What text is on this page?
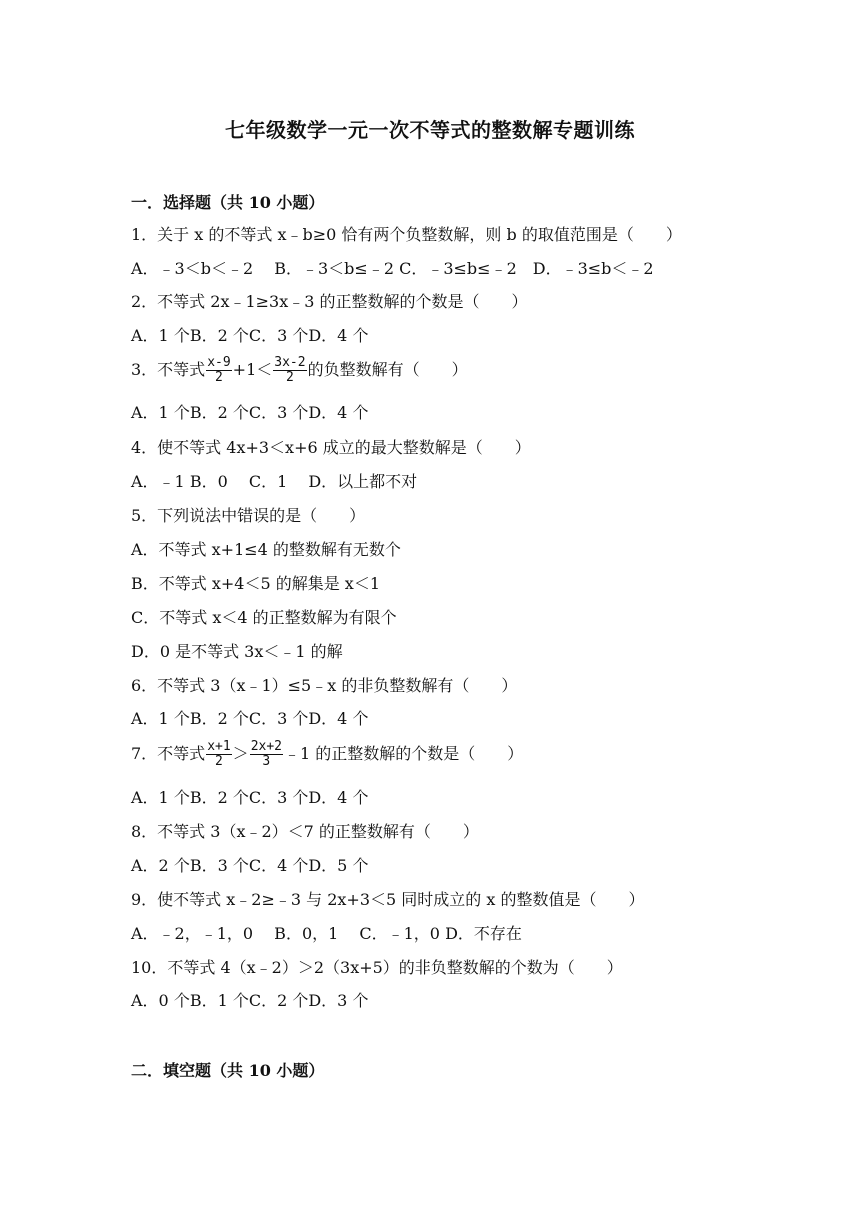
七年级数学一元一次不等式的整数解专题训练
一．选择题（共 10 小题）
1．关于 x 的不等式 x﹣b≥0 恰有两个负整数解，则 b 的取值范围是（　　）
A．﹣3＜b＜﹣2　 B．﹣3＜b≤﹣2 C．﹣3≤b≤﹣2　D．﹣3≤b＜﹣2
2．不等式 2x﹣1≥3x﹣3 的正整数解的个数是（　　）
A．1 个B．2 个C．3 个D．4 个
3．不等式 $\frac{x-9}{2} +1< \frac{3x-2}{2}$ 的负整数解有（　　）
A．1 个B．2 个C．3 个D．4 个
4．使不等式 4x+3＜x+6 成立的最大整数解是（　　）
A．﹣1 B．0　 C．1　 D．以上都不对
5．下列说法中错误的是（　　）
A．不等式 x+1≤4 的整数解有无数个
B．不等式 x+4＜5 的解集是 x＜1
C．不等式 x＜4 的正整数解为有限个
D．0 是不等式 3x＜﹣1 的解
6．不等式 3（x﹣1）≤5﹣x 的非负整数解有（　　）
A．1 个B．2 个C．3 个D．4 个
7．不等式 $\frac{x+1}{2} > \frac{2x+2}{3}$ ﹣1 的正整数解的个数是（　　）
A．1 个B．2 个C．3 个D．4 个
8．不等式 3（x﹣2）＜7 的正整数解有（　　）
A．2 个B．3 个C．4 个D．5 个
9．使不等式 x﹣2≥﹣3 与 2x+3＜5 同时成立的 x 的整数值是（　　）
A．﹣2，﹣1，0　 B．0，1　 C．﹣1，0 D．不存在
10．不等式 4（x﹣2）＞2（3x+5）的非负整数解的个数为（　　）
A．0 个B．1 个C．2 个D．3 个
二．填空题（共 10 小题）
